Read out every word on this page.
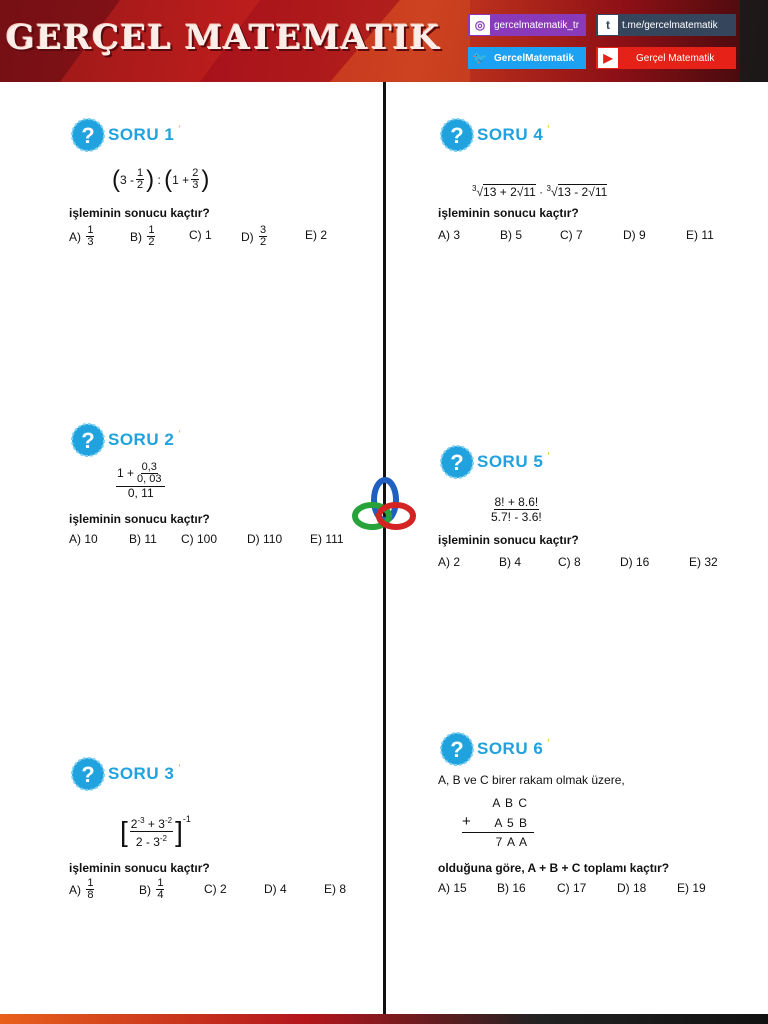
GERÇEL MATEMATIK	◎ gercelmatematik_tr	t	t.me/gercelmatematik
🐦 GercelMatematik	▶	Gerçel Matematik
? SORU 1 ʻ
( $3 - \frac{1}{2}$ )
:
( $1 + \frac{2}{3}$ )
işleminin sonucu kaçtır?
A)
$\frac{1}{3}$	B)
$\frac{1}{2}$	C) 1 D)
$\frac{3}{2}$	E) 2
? SORU 2 ʻ
$\frac{1 + \frac{0,3}{0, 03}}{0, 11}$
işleminin sonucu kaçtır?
A) 10	B) 11 C) 100 D) 110 E) 111
? SORU 3 ʻ
[ $\frac{2^{-3} + 3^{-2}}{2 - 3^{-2}} ]^{-1}$
işleminin sonucu kaçtır?
A)
$\frac{1}{8}$	B)
$\frac{1}{4}$	C) 2	D) 4	E) 8
? SORU 4 ʻ
3 √ 13 + 2√11
·
$^3$ √ 13 - 2√11
işleminin sonucu kaçtır?
A) 3	B) 5	C) 7	D) 9	E) 11
? SORU 5 ʻ
$\frac{8! + 8.6!}{5.7! - 3.6!}$
işleminin sonucu kaçtır?
A) 2	B) 4	C) 8	D) 16	E) 32
? SORU 6 ʻ
A, B ve C birer rakam olmak üzere,
A B C
+ A 5 B
7 A A
olduğuna göre, A + B + C toplamı kaçtır?
A) 15	B) 16	C) 17	D) 18	E) 19
